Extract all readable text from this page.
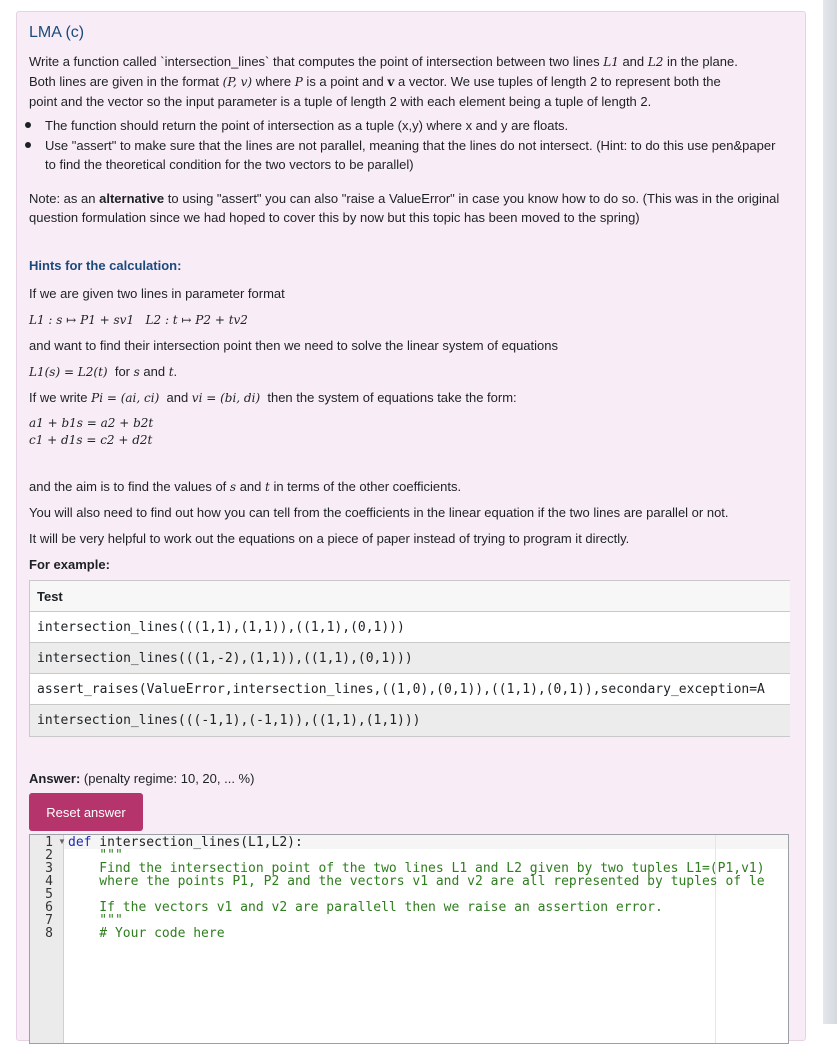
LMA (c)

Write a function called `intersection_lines` that computes the point of intersection between two lines L1 and L2 in the plane.
Both lines are given in the format (P, v) where P is a point and v a vector. We use tuples of length 2 to represent both the
point and the vector so the input parameter is a tuple of length 2 with each element being a tuple of length 2.

The function should return the point of intersection as a tuple (x,y) where x and y are floats.
Use "assert" to make sure that the lines are not parallel, meaning that the lines do not intersect. (Hint: to do this use pen&paper to find the theoretical condition for the two vectors to be parallel)

Note: as an alternative to using "assert" you can also "raise a ValueError" in case you know how to do so. (This was in the original question formulation since we had hoped to cover this by now but this topic has been moved to the spring)

Hints for the calculation:

If we are given two lines in parameter format

L1 : s ↦ P1 + sv1   L2 : t ↦ P2 + tv2

and want to find their intersection point then we need to solve the linear system of equations

L1(s) = L2(t)  for s and t.

If we write Pi = (ai, ci)  and vi = (bi, di)  then the system of equations take the form:

a1 + b1s = a2 + b2t

c1 + d1s = c2 + d2t

and the aim is to find the values of s and t in terms of the other coefficients.

You will also need to find out how you can tell from the coefficients in the linear equation if the two lines are parallel or not.

It will be very helpful to work out the equations on a piece of paper instead of trying to program it directly.

For example:

Test
intersection_lines(((1,1),(1,1)),((1,1),(0,1)))
intersection_lines(((1,-2),(1,1)),((1,1),(0,1)))
assert_raises(ValueError,intersection_lines,((1,0),(0,1)),((1,1),(0,1)),secondary_exception=A
intersection_lines(((-1,1),(-1,1)),((1,1),(1,1)))
Answer: (penalty regime: 10, 20, ... %)
Reset answer
1
2
3
4
5
6
7
8
▼ def intersection_lines(L1,L2):
"""
Find the intersection point of the two lines L1 and L2 given by two tuples L1=(P1,v1)
where the points P1, P2 and the vectors v1 and v2 are all represented by tuples of le
If the vectors v1 and v2 are parallell then we raise an assertion error.
"""
# Your code here
